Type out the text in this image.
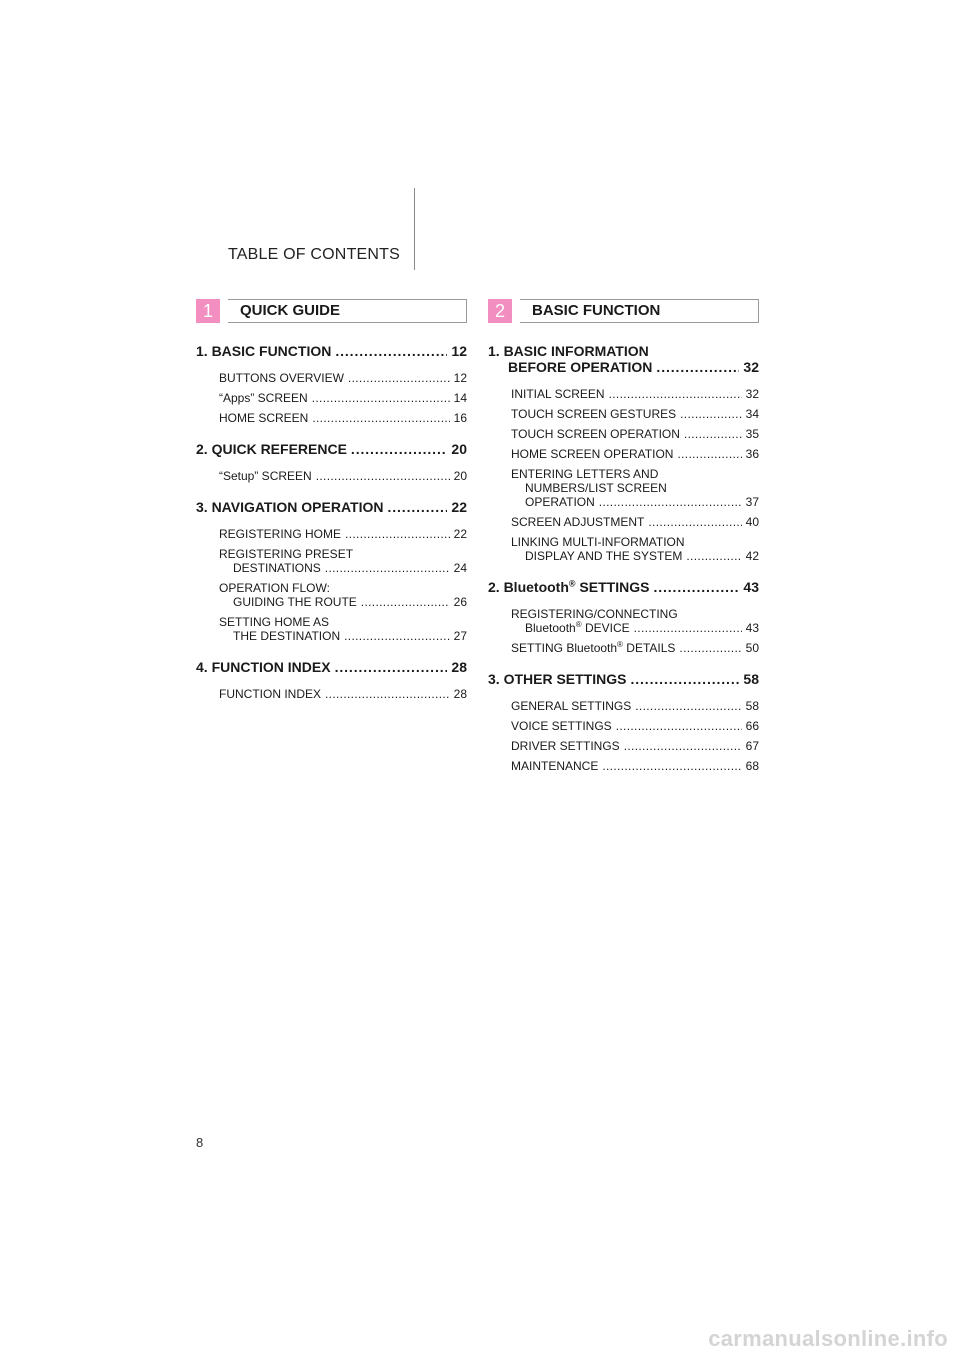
TABLE OF CONTENTS
1	QUICK GUIDE
1. BASIC FUNCTION . . .	12
BUTTONS OVERVIEW . . .	12
“Apps” SCREEN . . .	14
HOME SCREEN . . .	16
2. QUICK REFERENCE . . .	20
“Setup” SCREEN . . .	20
3. NAVIGATION OPERATION . . .	22
REGISTERING HOME . . .	22
REGISTERING PRESET
DESTINATIONS . . .	24
OPERATION FLOW:
GUIDING THE ROUTE . . .	26
SETTING HOME AS
THE DESTINATION . . .	27
4. FUNCTION INDEX . . .	28
FUNCTION INDEX . . .	28
2	BASIC FUNCTION
1. BASIC INFORMATION
BEFORE OPERATION . . .	32
INITIAL SCREEN . . .	32
TOUCH SCREEN GESTURES . . .	34
TOUCH SCREEN OPERATION . . .	35
HOME SCREEN OPERATION . . .	36
ENTERING LETTERS AND
NUMBERS/LIST SCREEN
OPERATION . . .	37
SCREEN ADJUSTMENT . . .	40
LINKING MULTI-INFORMATION
DISPLAY AND THE SYSTEM . . .	42
2. Bluetooth® SETTINGS . . .	43
REGISTERING/CONNECTING
Bluetooth® DEVICE . . .	43
SETTING Bluetooth® DETAILS . . .	50
3. OTHER SETTINGS . . .	58
GENERAL SETTINGS . . .	58
VOICE SETTINGS . . .	66
DRIVER SETTINGS . . .	67
MAINTENANCE . . .	68
8
carmanualsonline.info
